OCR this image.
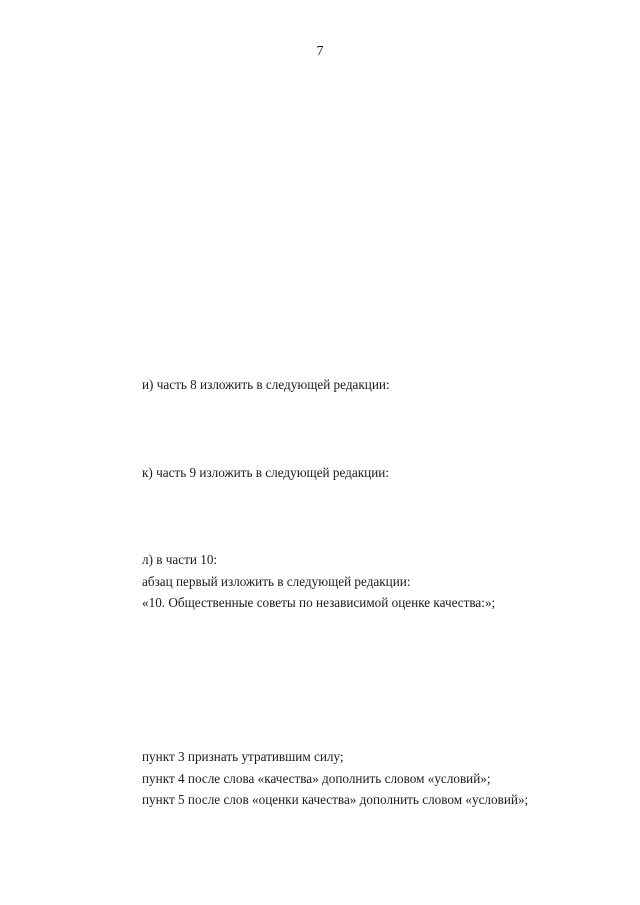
7
и) часть 8 изложить в следующей редакции:
к) часть 9 изложить в следующей редакции:
л) в части 10:
абзац первый изложить в следующей редакции:
«10. Общественные советы по независимой оценке качества:»;
пункт 3 признать утратившим силу;
пункт 4 после слова «качества» дополнить словом «условий»;
пункт 5 после слов «оценки качества» дополнить словом «условий»;
